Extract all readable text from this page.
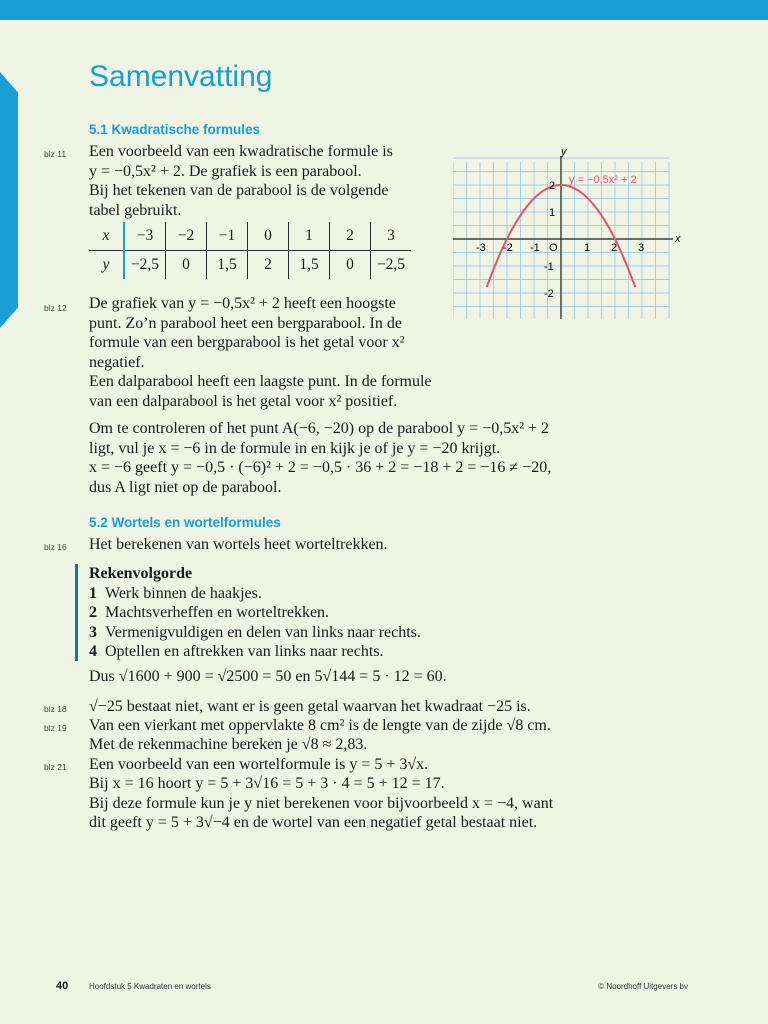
Samenvatting
5.1 Kwadratische formules
blz 11 Een voorbeeld van een kwadratische formule is
y = −0,5x² + 2. De grafiek is een parabool.
Bij het tekenen van de parabool is de volgende
tabel gebruikt.
x	−3	−2	−1	0	1	2	3
y	−2,5	0	1,5	2	1,5	0	−2,5
-3 -2 -1	1 2 3
2
1
-1
-2
y
x
O
y = −0,5x² + 2
blz 12 De grafiek van y = −0,5x² + 2 heeft een hoogste
punt. Zo’n parabool heet een bergparabool. In de
formule van een bergparabool is het getal voor x²
negatief.
Een dalparabool heeft een laagste punt. In de formule
van een dalparabool is het getal voor x² positief.
Om te controleren of het punt A(−6, −20) op de parabool y = −0,5x² + 2
ligt, vul je x = −6 in de formule in en kijk je of je y = −20 krijgt.
x = −6 geeft y = −0,5 · (−6)² + 2 = −0,5 · 36 + 2 = −18 + 2 = −16 ≠ −20,
dus A ligt niet op de parabool.
5.2 Wortels en wortelformules
blz 16 Het berekenen van wortels heet worteltrekken.
Rekenvolgorde
1 Werk binnen de haakjes.
2 Machtsverheffen en worteltrekken.
3 Vermenigvuldigen en delen van links naar rechts.
4 Optellen en aftrekken van links naar rechts.
Dus √1600 + 900 = √2500 = 50 en 5√144 = 5 · 12 = 60.
blz 18 √−25 bestaat niet, want er is geen getal waarvan het kwadraat −25 is.
blz 19 Van een vierkant met oppervlakte 8 cm² is de lengte van de zijde √8 cm.
Met de rekenmachine bereken je √8 ≈ 2,83.
blz 21 Een voorbeeld van een wortelformule is y = 5 + 3√x.
Bij x = 16 hoort y = 5 + 3√16 = 5 + 3 · 4 = 5 + 12 = 17.
Bij deze formule kun je y niet berekenen voor bijvoorbeeld x = −4, want
dit geeft y = 5 + 3√−4 en de wortel van een negatief getal bestaat niet.
40	Hoofdstuk 5 Kwadraten en wortels	© Noordhoff Uitgevers bv
